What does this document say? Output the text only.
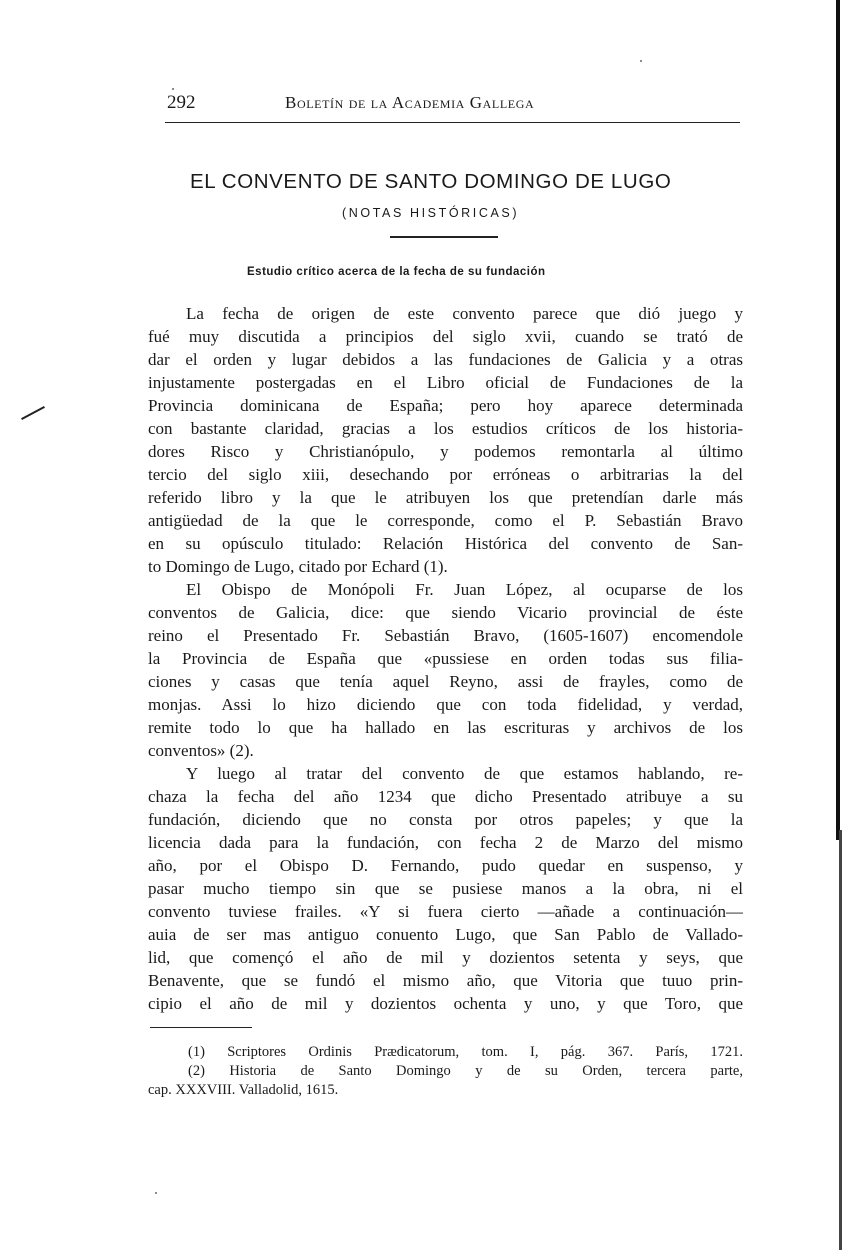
292	Boletín de la Academia Gallega
EL CONVENTO DE SANTO DOMINGO DE LUGO
(NOTAS HISTÓRICAS)
Estudio crítico acerca de la fecha de su fundación
La fecha de origen de este convento parece que dió juego y
fué muy discutida a principios del siglo xvii, cuando se trató de
dar el orden y lugar debidos a las fundaciones de Galicia y a otras
injustamente postergadas en el Libro oficial de Fundaciones de la
Provincia dominicana de España; pero hoy aparece determinada
con bastante claridad, gracias a los estudios críticos de los historia-
dores Risco y Christianópulo, y podemos remontarla al último
tercio del siglo xiii, desechando por erróneas o arbitrarias la del
referido libro y la que le atribuyen los que pretendían darle más
antigüedad de la que le corresponde, como el P. Sebastián Bravo
en su opúsculo titulado: Relación Histórica del convento de San-
to Domingo de Lugo, citado por Echard (1).
El Obispo de Monópoli Fr. Juan López, al ocuparse de los
conventos de Galicia, dice: que siendo Vicario provincial de éste
reino el Presentado Fr. Sebastián Bravo, (1605-1607) encomendole
la Provincia de España que «pussiese en orden todas sus filia-
ciones y casas que tenía aquel Reyno, assi de frayles, como de
monjas. Assi lo hizo diciendo que con toda fidelidad, y verdad,
remite todo lo que ha hallado en las escrituras y archivos de los
conventos» (2).
Y luego al tratar del convento de que estamos hablando, re-
chaza la fecha del año 1234 que dicho Presentado atribuye a su
fundación, diciendo que no consta por otros papeles; y que la
licencia dada para la fundación, con fecha 2 de Marzo del mismo
año, por el Obispo D. Fernando, pudo quedar en suspenso, y
pasar mucho tiempo sin que se pusiese manos a la obra, ni el
convento tuviese frailes. «Y si fuera cierto —añade a continuación—
auia de ser mas antiguo conuento Lugo, que San Pablo de Vallado-
lid, que començó el año de mil y dozientos setenta y seys, que
Benavente, que se fundó el mismo año, que Vitoria que tuuo prin-
cipio el año de mil y dozientos ochenta y uno, y que Toro, que
(1) Scriptores Ordinis Prædicatorum, tom. I, pág. 367. París, 1721.
(2) Historia de Santo Domingo y de su Orden, tercera parte,
cap. XXXVIII. Valladolid, 1615.
